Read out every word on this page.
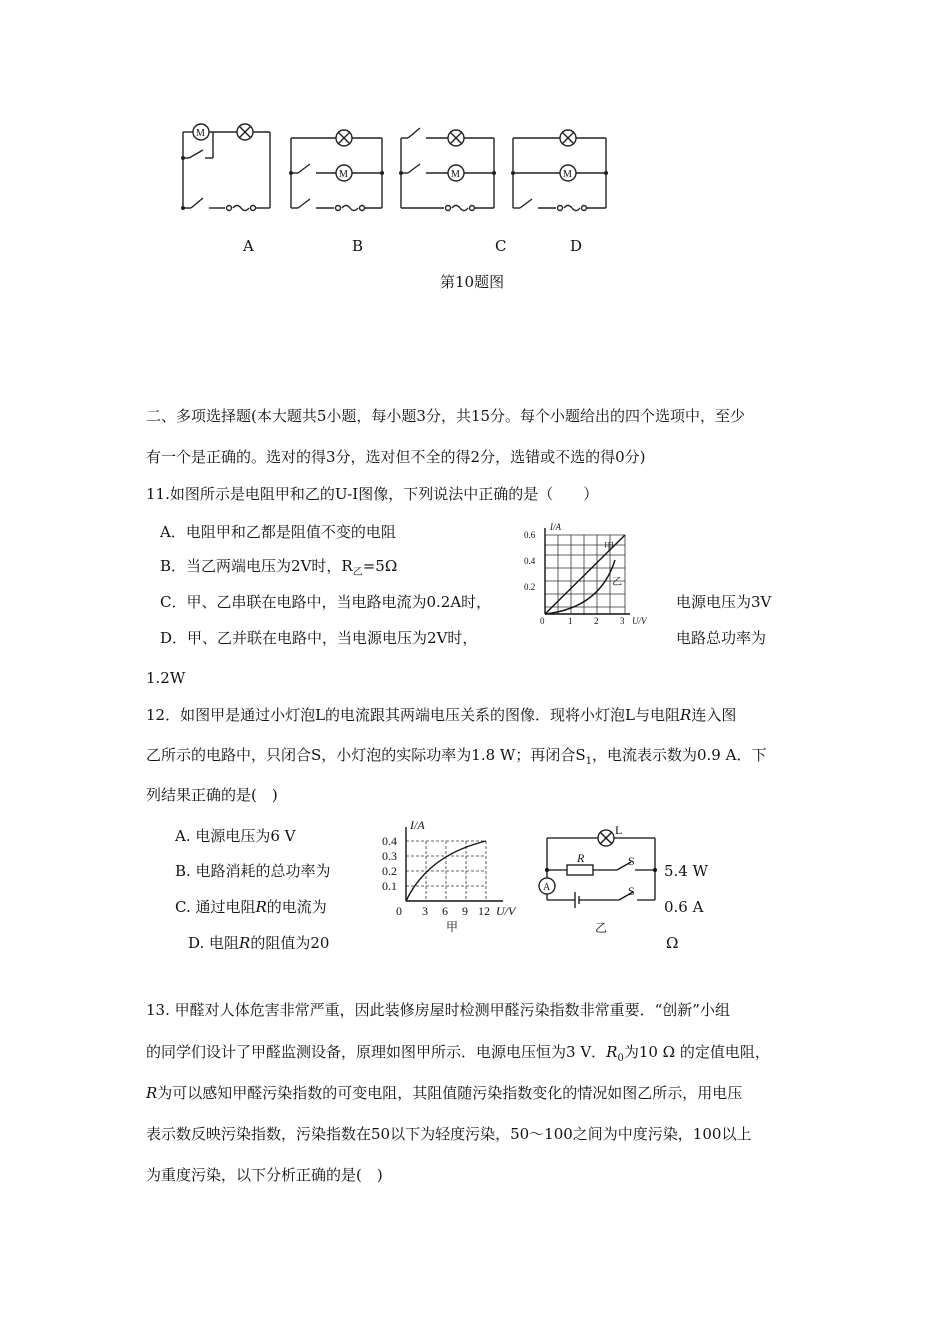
M
M	M	M
A	B	C	D
第10题图
二、多项选择题(本大题共5小题，每小题3分，共15分。每个小题给出的四个选项中，至少
有一个是正确的。选对的得3分，选对但不全的得2分，选错或不选的得0分)
11.如图所示是电阻甲和乙的U-I图像，下列说法中正确的是（　　）
A．电阻甲和乙都是阻值不变的电阻
B．当乙两端电压为2V时，$R_乙=5\Omega$
C．甲、乙串联在电路中，当电路电流为0.2A时，	电源电压为3V
D．甲、乙并联在电路中，当电源电压为2V时，	电路总功率为
1.2W
I/A
U/V
0.6
0.4
0.2
0	1 2 3
甲
乙
12．如图甲是通过小灯泡L的电流跟其两端电压关系的图像．现将小灯泡L与电阻R连入图
乙所示的电路中，只闭合S，小灯泡的实际功率为1.8 W；再闭合$S_1$，电流表示数为0.9 A．下
列结果正确的是(　)
A. 电源电压为6 V
B. 电路消耗的总功率为	5.4 W
C. 通过电阻R的电流为	0.6 A
D. 电阻R的阻值为20	Ω
I/A
U/V
0.4
0.3
0.2
0.1
0 3 6 9 12
甲
L
R	S
S
A
乙
13. 甲醛对人体危害非常严重，因此装修房屋时检测甲醛污染指数非常重要．“创新”小组
的同学们设计了甲醛监测设备，原理如图甲所示．电源电压恒为3 V．$R_0$为10 Ω 的定值电阻，
R为可以感知甲醛污染指数的可变电阻，其阻值随污染指数变化的情况如图乙所示，用电压
表示数反映污染指数，污染指数在50以下为轻度污染，50～100之间为中度污染，100以上
为重度污染，以下分析正确的是(　)
